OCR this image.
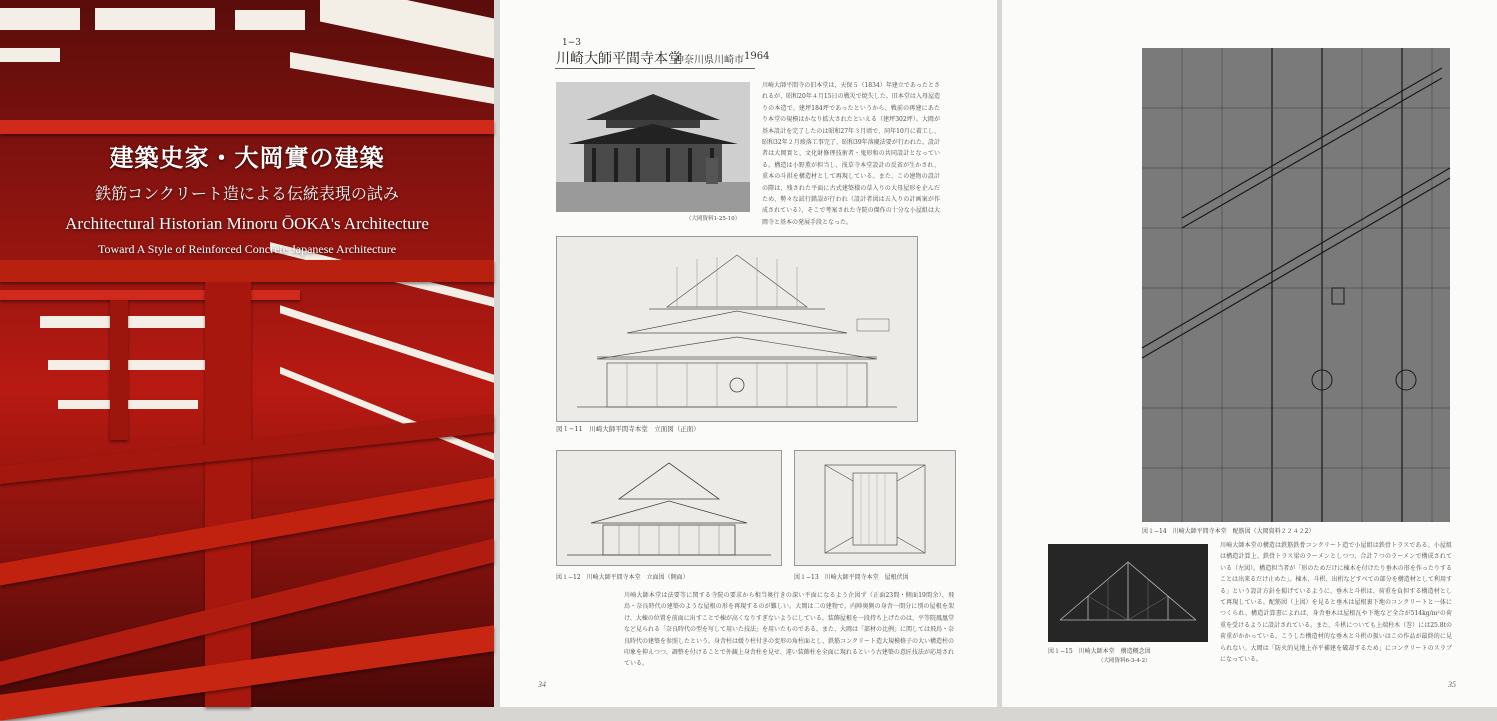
建築史家・大岡實の建築
鉄筋コンクリート造による伝統表現の試み
Architectural Historian Minoru ŌOKA's Architecture
Toward A Style of Reinforced Concrete Japanese Architecture
1−3
川崎大師平間寺本堂
神奈川県川崎市 1964
（大岡資料1-25-10）
川崎大師平間寺の旧本堂は、天保５（1834）年建立であったとされるが、昭和20年４月15日の戦災で焼失した。旧本堂は入母屋造りの本造で、建坪184坪であったというから、戦前の再建にあたり本堂の規模はかなり拡大されたといえる（建坪302坪）。大岡が基本設計を完了したのは昭和27年３月頃で、同年10月に着工し、昭和32年２月竣落工事完了、昭和39年落慶法要が行われた。設計者は大岡實と、文化財修理技術者・鬼形和の共同設計となっている。構造は小野薫が担当し、浅草寺本堂設計の反省が生かされ、重本の斗拱を構造材として再現している。また、この建物の設計の際は、残された平面に古式建築様の草入りの大母屋形を企んだため、勢々な試行錯誤が行われ（設計者図は五入りの計画案が作成されている）、そこで考案された寺院の傑作の十分な小屋組は大岡寺と基本の発展手段となった。
図１−11　川崎大師平間寺本堂　立面図（正面）
図１−12　川崎大師平間寺本堂　立面図（側面）	図１−13　川崎大師平間寺本堂　屋根伏図
川崎大師本堂は法要等に関する寺院の要求から相当奥行きの深い平面になるよう企図ず（正面23間・側面19間余）、飛鳥・奈良時代の建築のような屋根の形を再現するのが難しい。大岡は二の建物で、内陣奥側の身舎一間分に別の屋根を架け、大棟の位置を前面に出すことで棟が高くなりすぎないようにしている。装飾屋根を一段持ち上げたのは、平等院鳳凰堂など見られる「奈良時代の型を写して用いた技法」を用いたものである。また、大岡は「部材の比例」に関しては飛鳥・奈良時代の建築を参照したという。身舎柱は緩り柱付きの変形の角柱面とし、鉄筋コンクリート造大規模格子の大い構造柱の印象を抑えつつ、調整を付けることで外観上身舎柱を見せ、違い装飾柱を全面に現れるという古建築の意匠技法が応用されている。
34
図１−14　川崎大師平間寺本堂　配筋図（大岡資料２２４２2）
図１−15　川崎大師本堂　構造概念図
（大岡資料6-3-4-2）
川崎大師本堂の構造は鉄筋鉄骨コンクリート造で小屋組は鉄骨トラスである。小屋組は構造計算上、鉄骨トラス梁のラーメンとしつつ、合計７つのラーメンで構成されている（左図）。構造担当者が「形のためだけに棟木を付けたり垂木の形を作ったりすることは出来るだけ止めた」。棟木、斗栱、出桁などすべての部分を構造材として利用する」という設計方針を掲げているように、垂木と斗栱は、荷重を負担する構造材として再現している。配筋図（上図）を見ると垂木は屋根裏下地のコンクリートと一体につくられ、構造計算書によれば、身舎垂木は屋根瓦や下地など全合が514kg/m²の荷重を受けるように設計されている。また、斗栱についても上端柱木（巻）には25.8tの荷重がかかっている。こうした構造材的な垂木と斗栱の扱いはこの作品が最終的に見られない。大岡は「防火的見地上亦平補建を破却するため」にコンクリートのスラブになっている。
35
